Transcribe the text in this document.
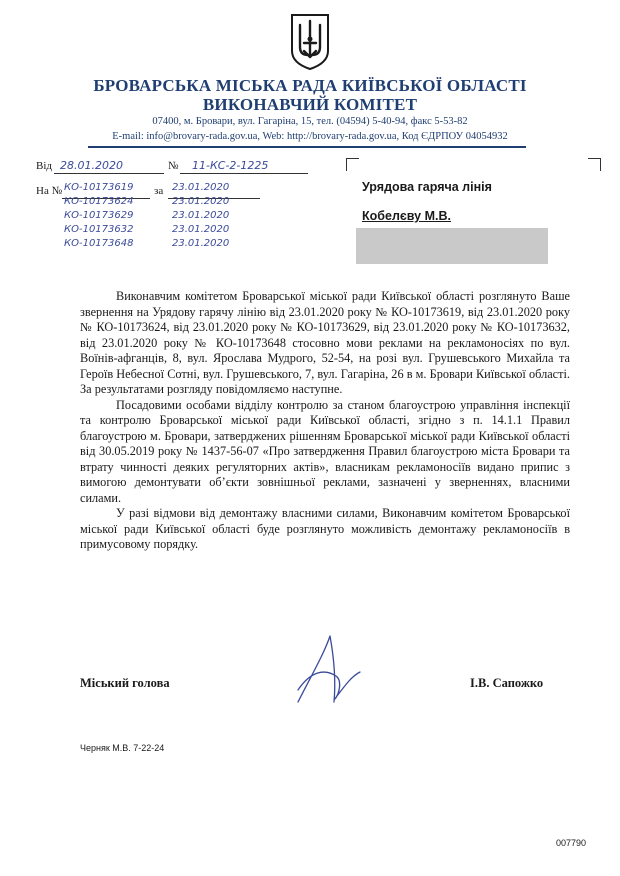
БРОВАРСЬКА МІСЬКА РАДА КИЇВСЬКОЇ ОБЛАСТІ
ВИКОНАВЧИЙ КОМІТЕТ
07400, м. Бровари, вул. Гагаріна, 15, тел. (04594) 5-40-94, факс 5-53-82
E-mail: info@brovary-rada.gov.ua, Web: http://brovary-rada.gov.ua, Код ЄДРПОУ 04054932
Від 28.01.2020	№ 11-КС-2-1225
На №	за
КО-10173619	23.01.2020
КО-10173624	23.01.2020
КО-10173629	23.01.2020
КО-10173632	23.01.2020
КО-10173648	23.01.2020
Урядова гаряча лінія
Кобелєву М.В.

Виконавчим комітетом Броварської міської ради Київської області розглянуто Ваше звернення на Урядову гарячу лінію від 23.01.2020 року № КО-10173619, від 23.01.2020 року № КО-10173624, від 23.01.2020 року № КО-10173629, від 23.01.2020 року № КО-10173632, від 23.01.2020 року № КО-10173648 стосовно мови реклами на рекламоносіях по вул. Воїнів-афганців, 8, вул. Ярослава Мудрого, 52-54, на розі вул. Грушевського Михайла та Героїв Небесної Сотні, вул. Грушевського, 7, вул. Гагаріна, 26 в м. Бровари Київської області. За результатами розгляду повідомляємо наступне.

Посадовими особами відділу контролю за станом благоустрою управління інспекції та контролю Броварської міської ради Київської області, згідно з п. 14.1.1 Правил благоустрою м. Бровари, затверджених рішенням Броварської міської ради Київської області від 30.05.2019 року № 1437-56-07 «Про затвердження Правил благоустрою міста Бровари та втрату чинності деяких регуляторних актів», власникам рекламоносіїв видано припис з вимогою демонтувати об’єкти зовнішньої реклами, зазначені у зверненнях, власними силами.

У разі відмови від демонтажу власними силами, Виконавчим комітетом Броварської міської ради Київської області буде розглянуто можливість демонтажу рекламоносіїв в примусовому порядку.

Міський голова	І.В. Сапожко
Черняк М.В. 7-22-24
007790
